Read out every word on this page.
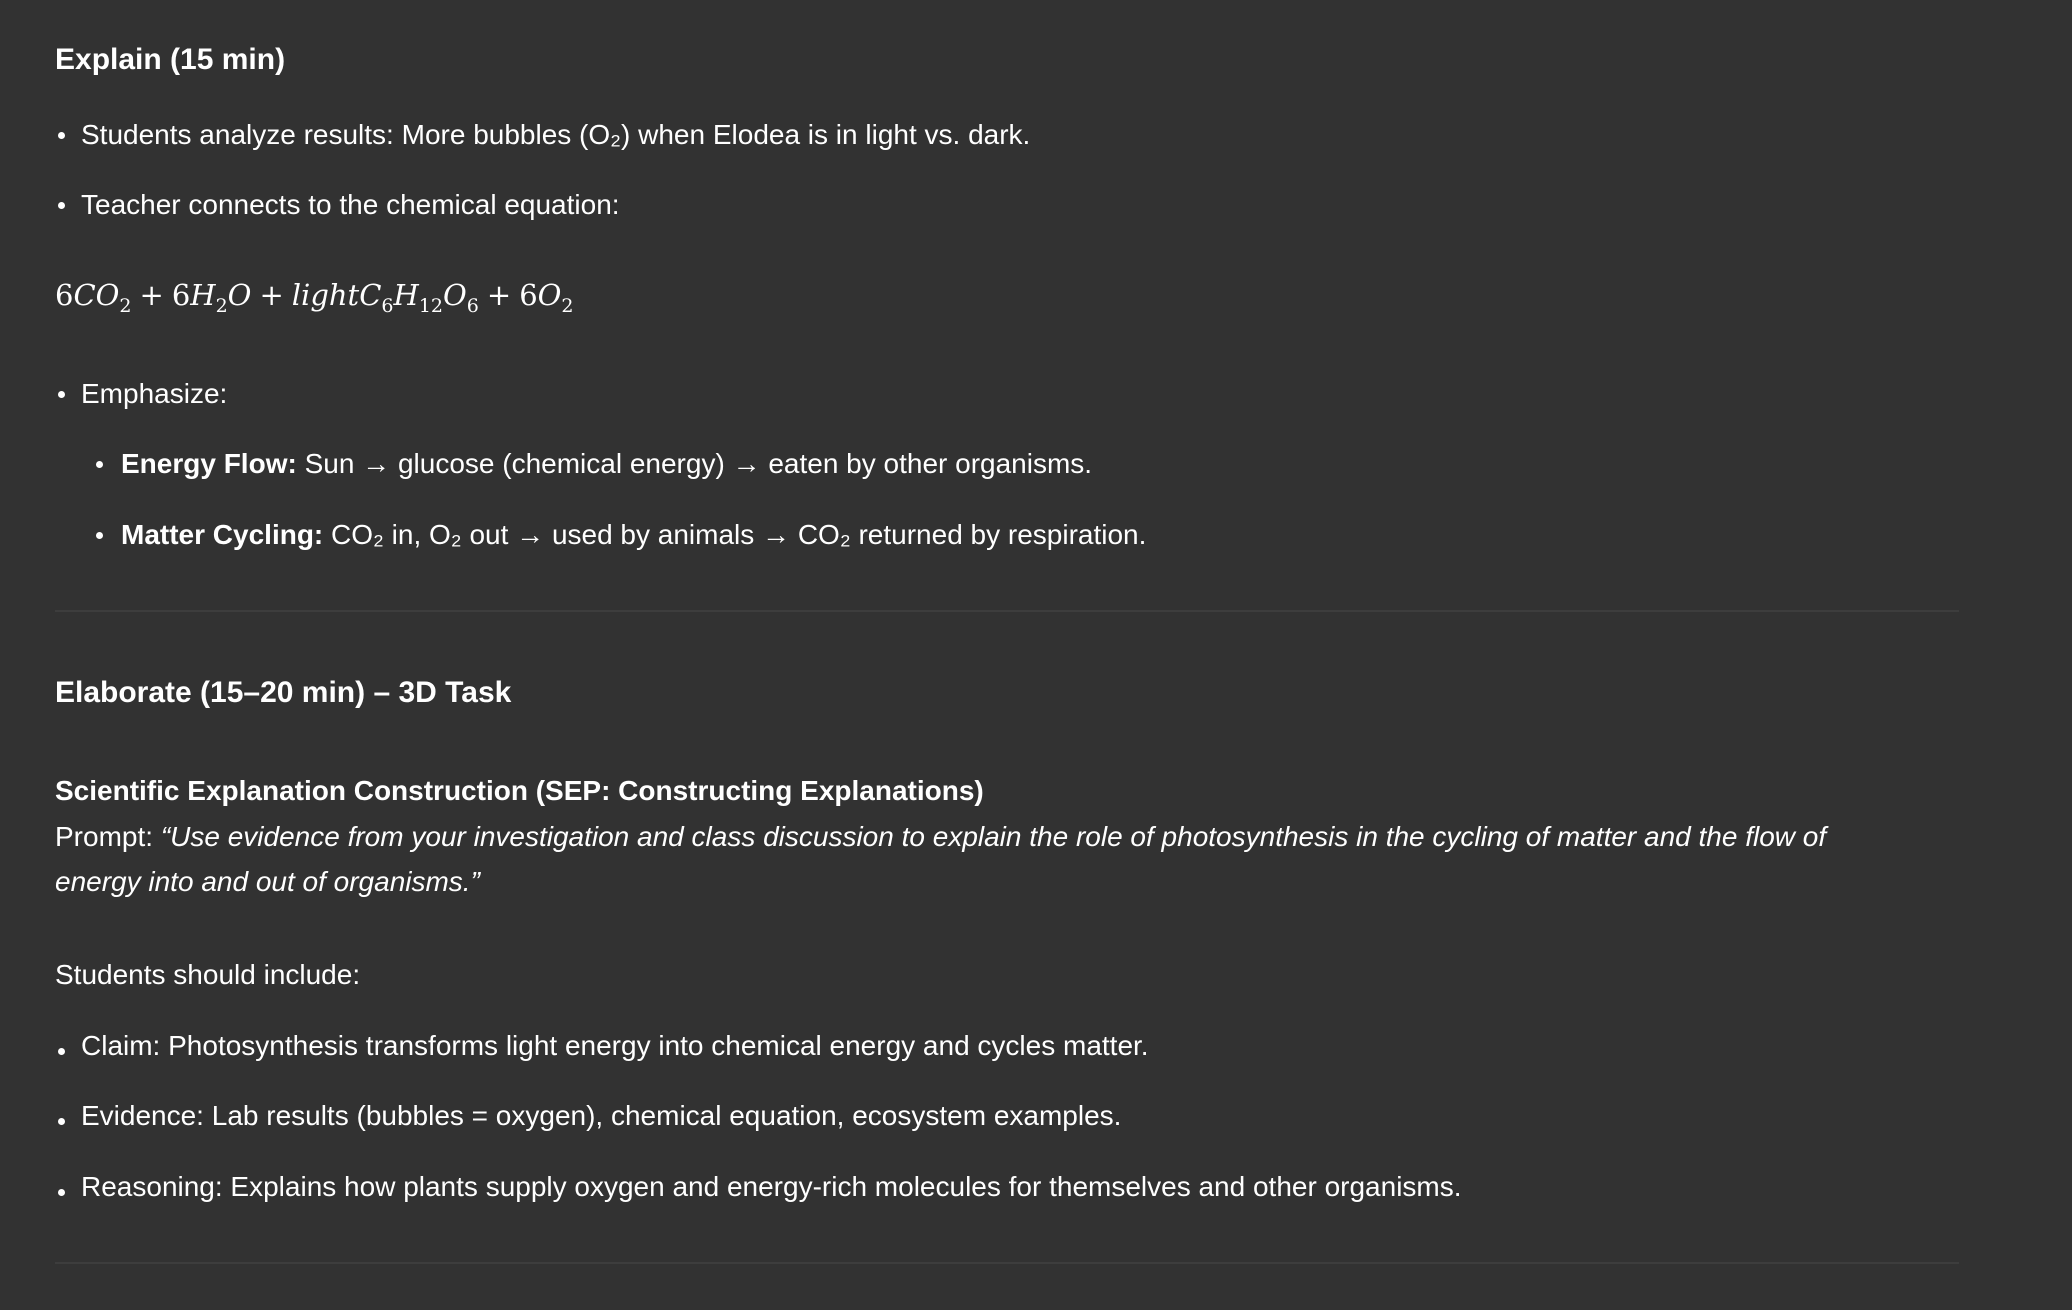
Explain (15 min)
Students analyze results: More bubbles (O₂) when Elodea is in light vs. dark.
Teacher connects to the chemical equation:
$6CO_2 + 6H_2O$ + $lightC_6H_{12}O_6 + 6O_2$
Emphasize:
Energy Flow: Sun → glucose (chemical energy) → eaten by other organisms.
Matter Cycling: CO₂ in, O₂ out → used by animals → CO₂ returned by respiration.
Elaborate (15–20 min) – 3D Task
Scientific Explanation Construction (SEP: Constructing Explanations)
Prompt: “Use evidence from your investigation and class discussion to explain the role of photosynthesis in the cycling of matter and the flow of
energy into and out of organisms.”
Students should include:
Claim: Photosynthesis transforms light energy into chemical energy and cycles matter.
Evidence: Lab results (bubbles = oxygen), chemical equation, ecosystem examples.
Reasoning: Explains how plants supply oxygen and energy-rich molecules for themselves and other organisms.
